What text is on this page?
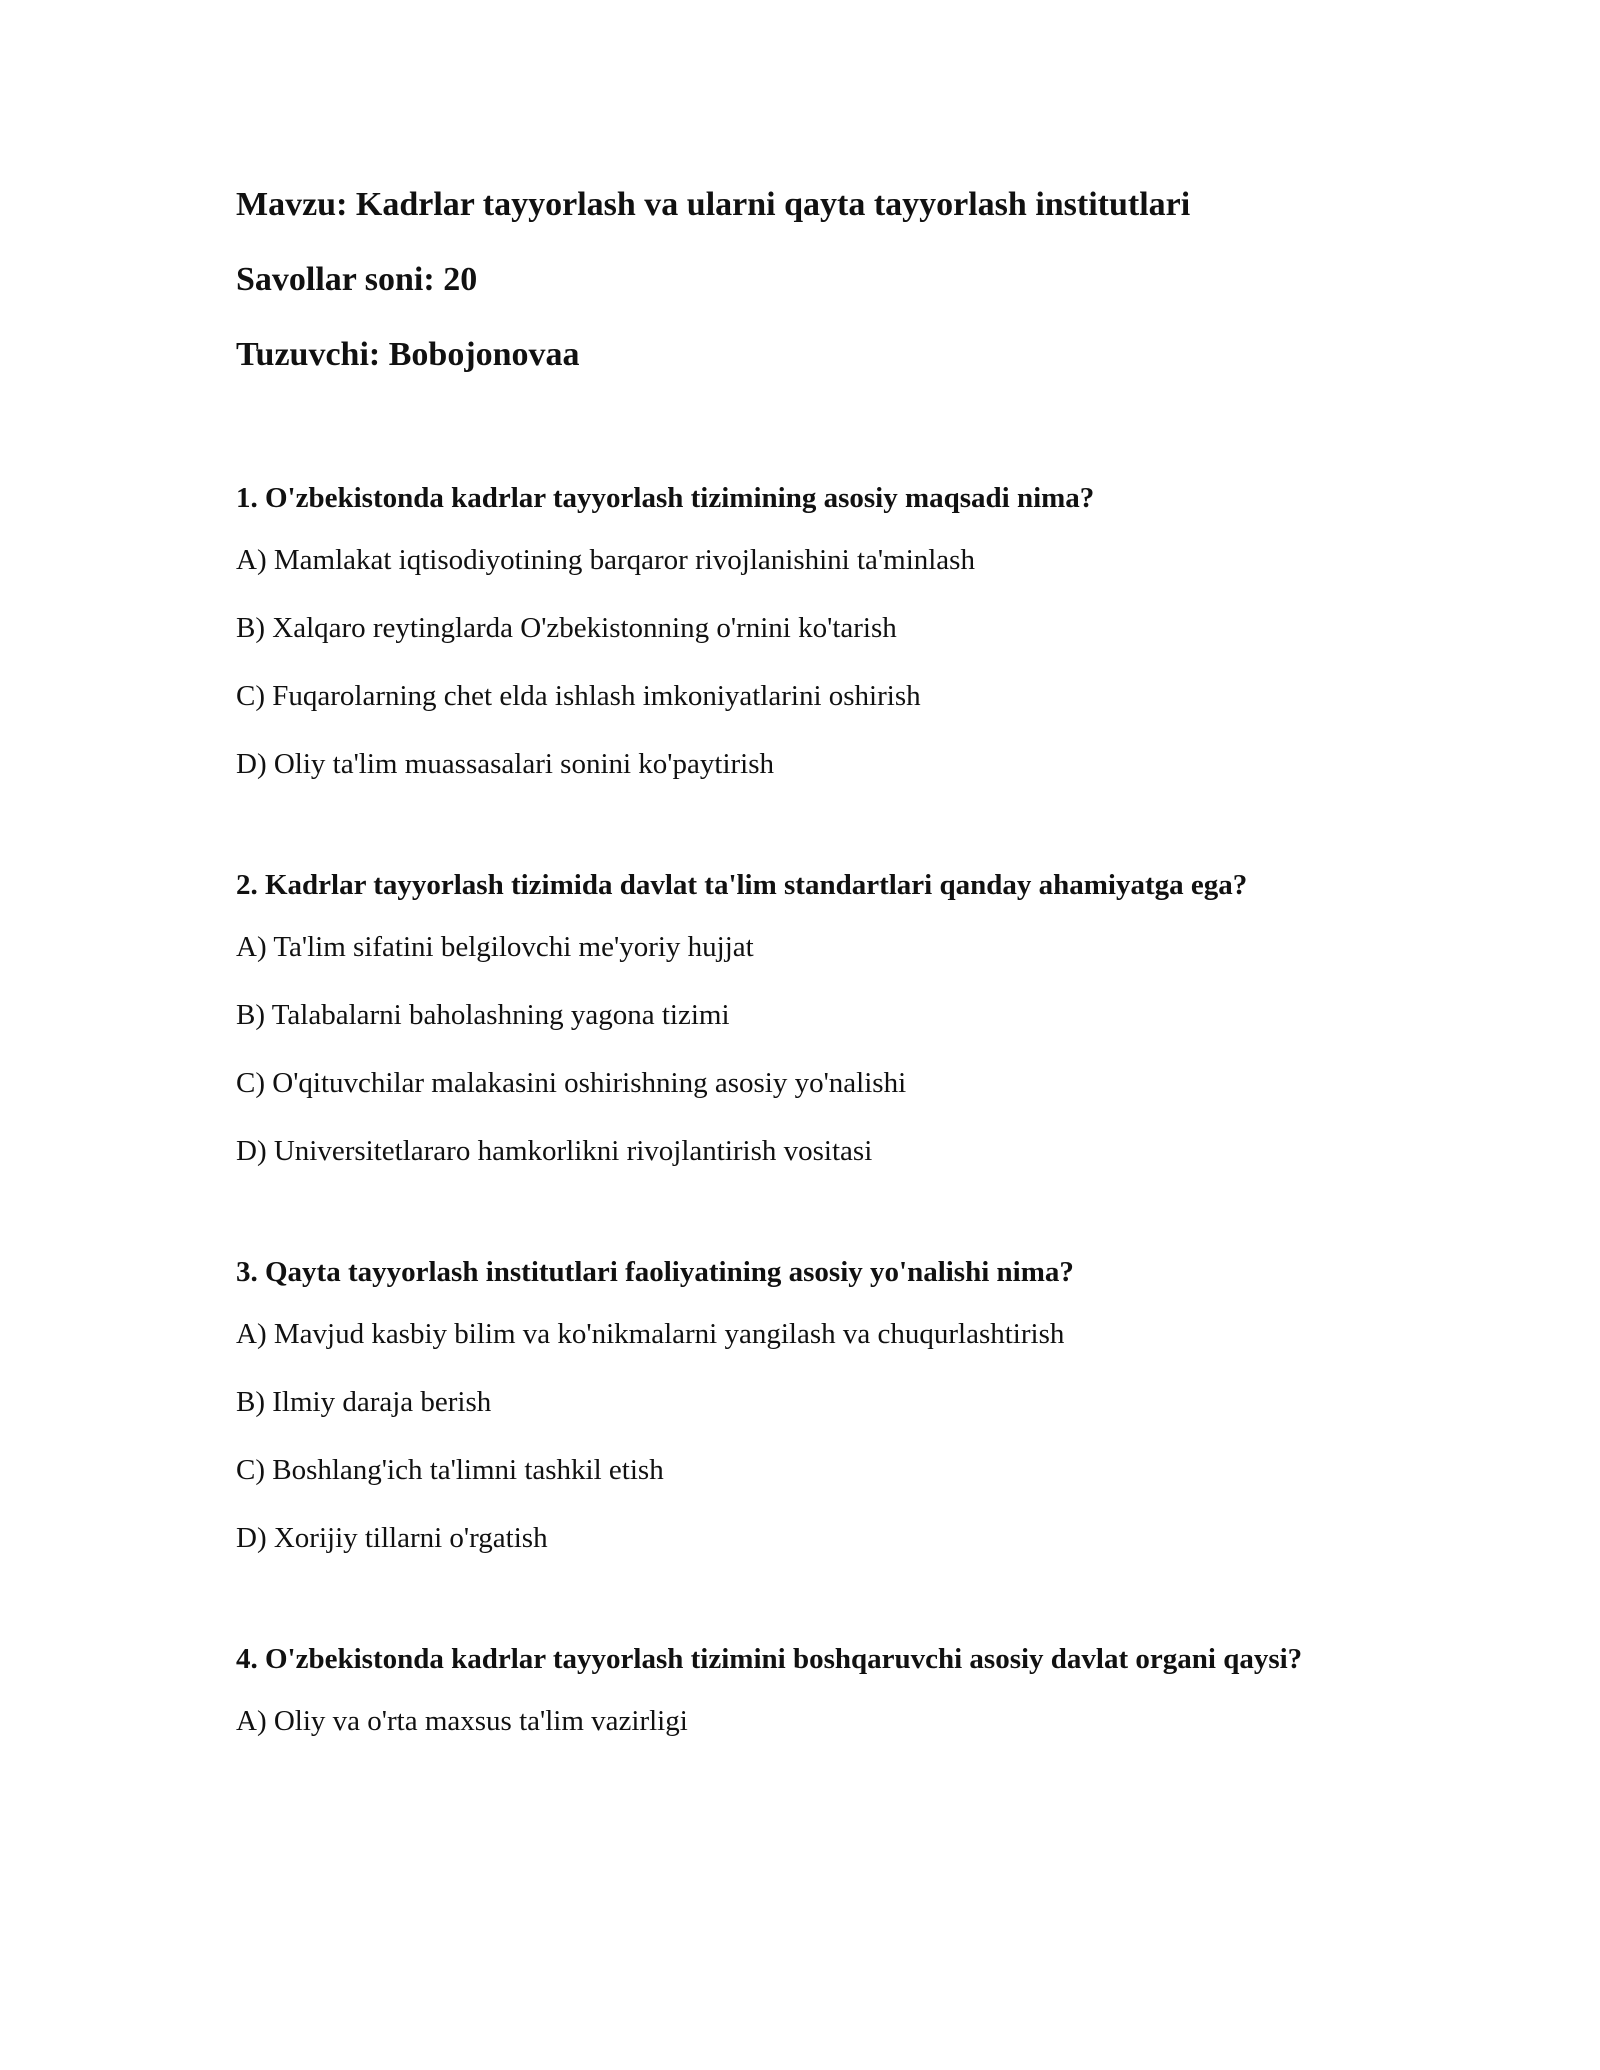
Mavzu: Kadrlar tayyorlash va ularni qayta tayyorlash institutlari

Savollar soni: 20

Tuzuvchi: Bobojonovaa

1. O'zbekistonda kadrlar tayyorlash tizimining asosiy maqsadi nima?

A) Mamlakat iqtisodiyotining barqaror rivojlanishini ta'minlash

B) Xalqaro reytinglarda O'zbekistonning o'rnini ko'tarish

C) Fuqarolarning chet elda ishlash imkoniyatlarini oshirish

D) Oliy ta'lim muassasalari sonini ko'paytirish

2. Kadrlar tayyorlash tizimida davlat ta'lim standartlari qanday ahamiyatga ega?

A) Ta'lim sifatini belgilovchi me'yoriy hujjat

B) Talabalarni baholashning yagona tizimi

C) O'qituvchilar malakasini oshirishning asosiy yo'nalishi

D) Universitetlararo hamkorlikni rivojlantirish vositasi

3. Qayta tayyorlash institutlari faoliyatining asosiy yo'nalishi nima?

A) Mavjud kasbiy bilim va ko'nikmalarni yangilash va chuqurlashtirish

B) Ilmiy daraja berish

C) Boshlang'ich ta'limni tashkil etish

D) Xorijiy tillarni o'rgatish

4. O'zbekistonda kadrlar tayyorlash tizimini boshqaruvchi asosiy davlat organi qaysi?

A) Oliy va o'rta maxsus ta'lim vazirligi
